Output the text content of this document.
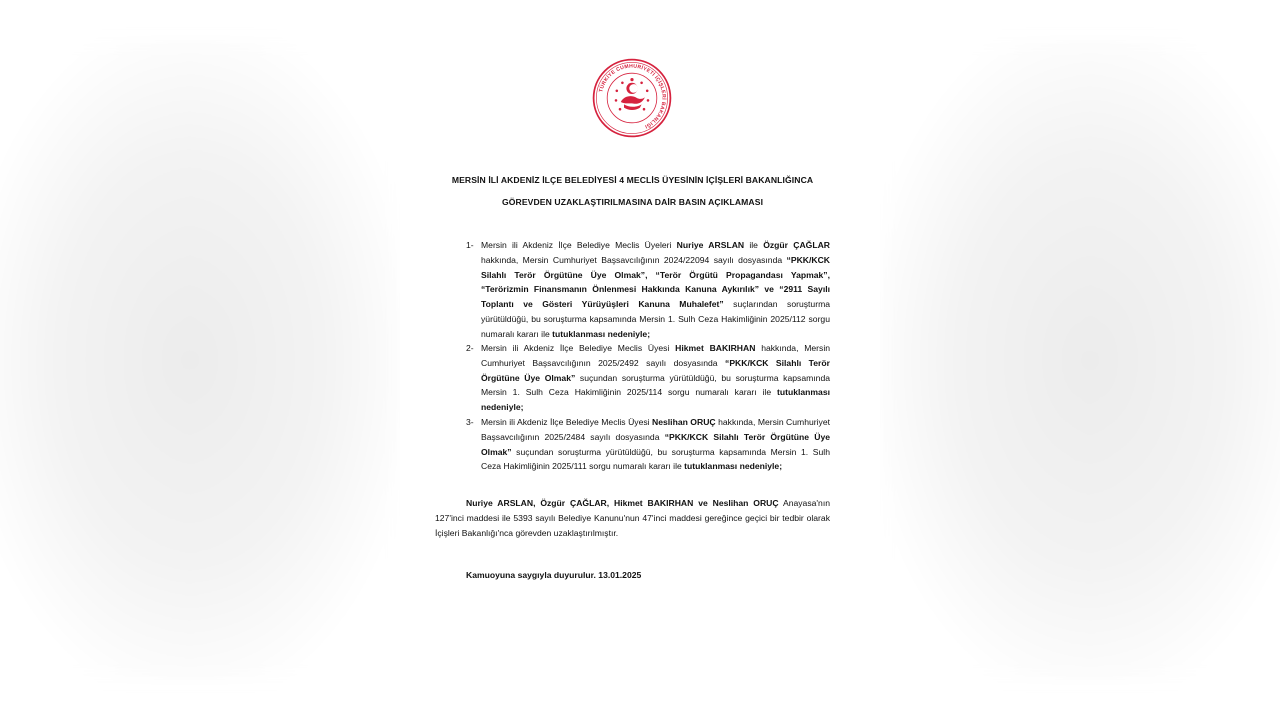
TÜRKİYE CUMHURİYETİ İÇİŞLERİ BAKANLIĞI
MERSİN İLİ AKDENİZ İLÇE BELEDİYESİ 4 MECLİS ÜYESİNİN İÇİŞLERİ BAKANLIĞINCA
GÖREVDEN UZAKLAŞTIRILMASINA DAİR BASIN AÇIKLAMASI
1- Mersin ili Akdeniz İlçe Belediye Meclis Üyeleri Nuriye ARSLAN ile Özgür ÇAĞLAR hakkında, Mersin Cumhuriyet Başsavcılığının 2024/22094 sayılı dosyasında “PKK/KCK Silahlı Terör Örgütüne Üye Olmak”, “Terör Örgütü Propagandası Yapmak”, “Terörizmin Finansmanın Önlenmesi Hakkında Kanuna Aykırılık” ve “2911 Sayılı Toplantı ve Gösteri Yürüyüşleri Kanuna Muhalefet” suçlarından soruşturma yürütüldüğü, bu soruşturma kapsamında Mersin 1. Sulh Ceza Hakimliğinin 2025/112 sorgu numaralı kararı ile tutuklanması nedeniyle;
2- Mersin ili Akdeniz İlçe Belediye Meclis Üyesi Hikmet BAKIRHAN hakkında, Mersin Cumhuriyet Başsavcılığının 2025/2492 sayılı dosyasında “PKK/KCK Silahlı Terör Örgütüne Üye Olmak” suçundan soruşturma yürütüldüğü, bu soruşturma kapsamında Mersin 1. Sulh Ceza Hakimliğinin 2025/114 sorgu numaralı kararı ile tutuklanması nedeniyle;
3- Mersin ili Akdeniz İlçe Belediye Meclis Üyesi Neslihan ORUÇ hakkında, Mersin Cumhuriyet Başsavcılığının 2025/2484 sayılı dosyasında “PKK/KCK Silahlı Terör Örgütüne Üye Olmak” suçundan soruşturma yürütüldüğü, bu soruşturma kapsamında Mersin 1. Sulh Ceza Hakimliğinin 2025/111 sorgu numaralı kararı ile tutuklanması nedeniyle;
Nuriye ARSLAN, Özgür ÇAĞLAR, Hikmet BAKIRHAN ve Neslihan ORUÇ Anayasa'nın 127'inci maddesi ile 5393 sayılı Belediye Kanunu'nun 47'inci maddesi gereğince geçici bir tedbir olarak İçişleri Bakanlığı'nca görevden uzaklaştırılmıştır.
Kamuoyuna saygıyla duyurulur. 13.01.2025
